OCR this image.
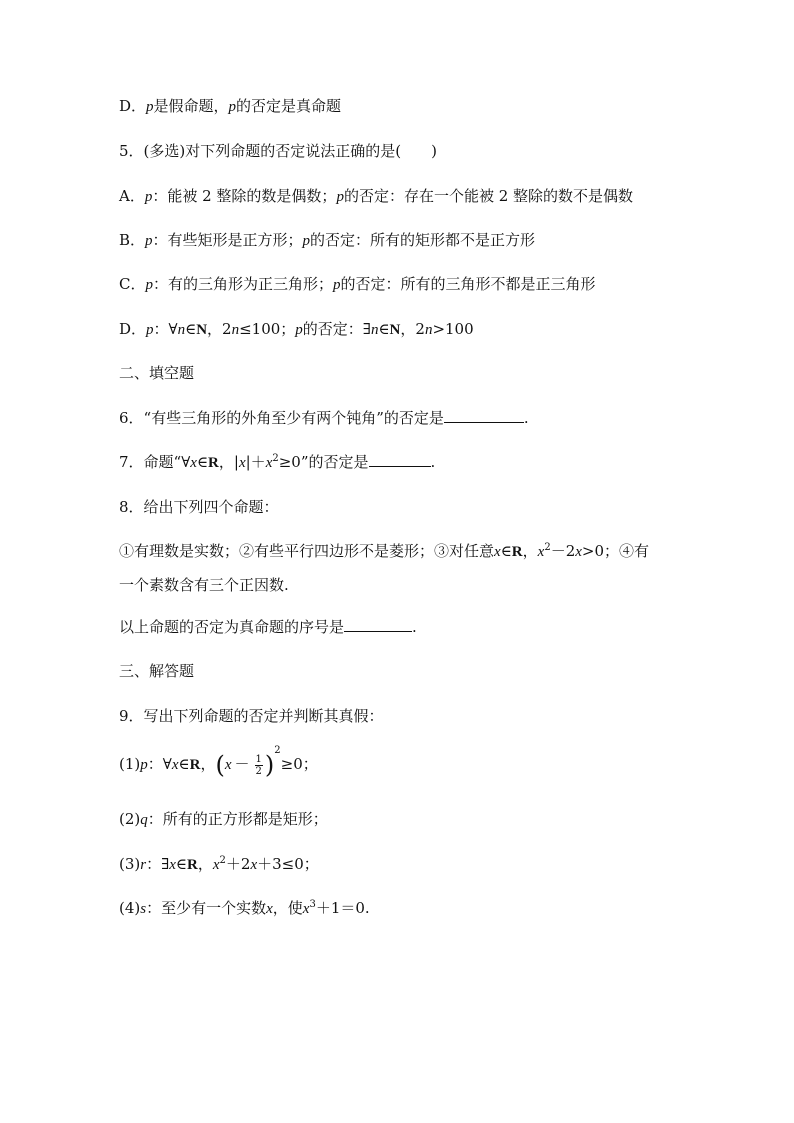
D．p是假命题，p的否定是真命题
5．(多选)对下列命题的否定说法正确的是( )
A．p：能被 2 整除的数是偶数；p的否定：存在一个能被 2 整除的数不是偶数
B．p：有些矩形是正方形；p的否定：所有的矩形都不是正方形
C．p：有的三角形为正三角形；p的否定：所有的三角形不都是正三角形
D．p：∀n∈N，2n≤100；p的否定：∃n∈N，2n>100
二、填空题
6．“有些三角形的外角至少有两个钝角”的否定是	.
7．命题“∀x∈R，$|x|+x^2\ge 0$”的否定是	.
8．给出下列四个命题：
①有理数是实数；②有些平行四边形不是菱形；③对任意x∈R，$x^2-2x>0$；④有
一个素数含有三个正因数.
以上命题的否定为真命题的序号是	.
三、解答题
9．写出下列命题的否定并判断其真假：
(1)p：∀x∈R，$(x - \frac{1}{2} )^2\ge 0$；
(2)q：所有的正方形都是矩形；
(3)r：∃x∈R，$x^2+2x+3\le 0$；
(4)s：至少有一个实数x，使$x^3+1=0$.
